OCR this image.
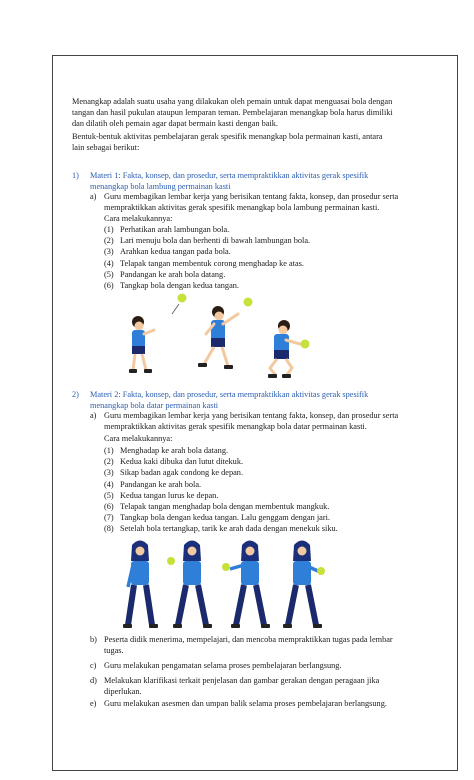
Menangkap adalah suatu usaha yang dilakukan oleh pemain untuk dapat menguasai bola dengan
tangan dan hasil pukulan ataupun lemparan teman. Pembelajaran menangkap bola harus dimiliki
dan dilatih oleh pemain agar dapat bermain kasti dengan baik.
Bentuk-bentuk aktivitas pembelajaran gerak spesifik menangkap bola permainan kasti, antara
lain sebagai berikut:
1) Materi 1: Fakta, konsep, dan prosedur, serta mempraktikkan aktivitas gerak spesifik
menangkap bola lambung permainan kasti
a) Guru membagikan lembar kerja yang berisikan tentang fakta, konsep, dan prosedur serta
mempraktikkan aktivitas gerak spesifik menangkap bola lambung permainan kasti.
Cara melakukannya:
(1) Perhatikan arah lambungan bola.
(2) Lari menuju bola dan berhenti di bawah lambungan bola.
(3) Arahkan kedua tangan pada bola.
(4) Telapak tangan membentuk corong menghadap ke atas.
(5) Pandangan ke arah bola datang.
(6) Tangkap bola dengan kedua tangan.
2) Materi 2: Fakta, konsep, dan prosedur, serta mempraktikkan aktivitas gerak spesifik
menangkap bola datar permainan kasti
a) Guru membagikan lembar kerja yang berisikan tentang fakta, konsep, dan prosedur serta
mempraktikkan aktivitas gerak spesifik menangkap bola datar permainan kasti.
Cara melakukannya:
(1) Menghadap ke arah bola datang.
(2) Kedua kaki dibuka dan lutut ditekuk.
(3) Sikap badan agak condong ke depan.
(4) Pandangan ke arah bola.
(5) Kedua tangan lurus ke depan.
(6) Telapak tangan menghadap bola dengan membentuk mangkuk.
(7) Tangkap bola dengan kedua tangan. Lalu genggam dengan jari.
(8) Setelah bola tertangkap, tarik ke arah dada dengan menekuk siku.
b) Peserta didik menerima, mempelajari, dan mencoba mempraktikkan tugas pada lembar
tugas.
c) Guru melakukan pengamatan selama proses pembelajaran berlangsung.
d) Melakukan klarifikasi terkait penjelasan dan gambar gerakan dengan peragaan jika
diperlukan.
e) Guru melakukan asesmen dan umpan balik selama proses pembelajaran berlangsung.
